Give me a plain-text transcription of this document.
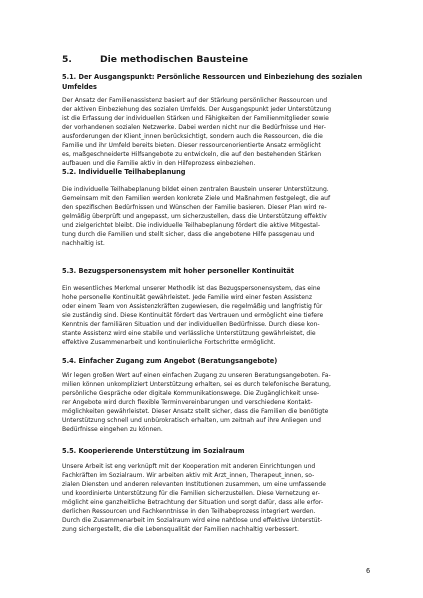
5.	Die methodischen Bausteine
5.1. Der Ausgangspunkt: Persönliche Ressourcen und Einbeziehung des sozialen Umfeldes
Der Ansatz der Familienassistenz basiert auf der Stärkung persönlicher Ressourcen und
der aktiven Einbeziehung des sozialen Umfelds. Der Ausgangspunkt jeder Unterstützung
ist die Erfassung der individuellen Stärken und Fähigkeiten der Familienmitglieder sowie
der vorhandenen sozialen Netzwerke. Dabei werden nicht nur die Bedürfnisse und Her-
ausforderungen der Klient_innen berücksichtigt, sondern auch die Ressourcen, die die
Familie und ihr Umfeld bereits bieten. Dieser ressourcenorientierte Ansatz ermöglicht
es, maßgeschneiderte Hilfsangebote zu entwickeln, die auf den bestehenden Stärken
aufbauen und die Familie aktiv in den Hilfeprozess einbeziehen.
5.2. Individuelle Teilhabeplanung
Die individuelle Teilhabeplanung bildet einen zentralen Baustein unserer Unterstützung.
Gemeinsam mit den Familien werden konkrete Ziele und Maßnahmen festgelegt, die auf
den spezifischen Bedürfnissen und Wünschen der Familie basieren. Dieser Plan wird re-
gelmäßig überprüft und angepasst, um sicherzustellen, dass die Unterstützung effektiv
und zielgerichtet bleibt. Die individuelle Teilhabeplanung fördert die aktive Mitgestal-
tung durch die Familien und stellt sicher, dass die angebotene Hilfe passgenau und
nachhaltig ist.
5.3. Bezugspersonensystem mit hoher personeller Kontinuität
Ein wesentliches Merkmal unserer Methodik ist das Bezugspersonensystem, das eine
hohe personelle Kontinuität gewährleistet. Jede Familie wird einer festen Assistenz
oder einem Team von Assistenzkräften zugewiesen, die regelmäßig und langfristig für
sie zuständig sind. Diese Kontinuität fördert das Vertrauen und ermöglicht eine tiefere
Kenntnis der familiären Situation und der individuellen Bedürfnisse. Durch diese kon-
stante Assistenz wird eine stabile und verlässliche Unterstützung gewährleistet, die
effektive Zusammenarbeit und kontinuierliche Fortschritte ermöglicht.
5.4. Einfacher Zugang zum Angebot (Beratungsangebote)
Wir legen großen Wert auf einen einfachen Zugang zu unseren Beratungsangeboten. Fa-
milien können unkompliziert Unterstützung erhalten, sei es durch telefonische Beratung,
persönliche Gespräche oder digitale Kommunikationswege. Die Zugänglichkeit unse-
rer Angebote wird durch flexible Terminvereinbarungen und verschiedene Kontakt-
möglichkeiten gewährleistet. Dieser Ansatz stellt sicher, dass die Familien die benötigte
Unterstützung schnell und unbürokratisch erhalten, um zeitnah auf ihre Anliegen und
Bedürfnisse eingehen zu können.
5.5. Kooperierende Unterstützung im Sozialraum
Unsere Arbeit ist eng verknüpft mit der Kooperation mit anderen Einrichtungen und
Fachkräften im Sozialraum. Wir arbeiten aktiv mit Ärzt_innen, Therapeut_innen, so-
zialen Diensten und anderen relevanten Institutionen zusammen, um eine umfassende
und koordinierte Unterstützung für die Familien sicherzustellen. Diese Vernetzung er-
möglicht eine ganzheitliche Betrachtung der Situation und sorgt dafür, dass alle erfor-
derlichen Ressourcen und Fachkenntnisse in den Teilhabeprozess integriert werden.
Durch die Zusammenarbeit im Sozialraum wird eine nahtlose und effektive Unterstüt-
zung sichergestellt, die die Lebensqualität der Familien nachhaltig verbessert.
6
